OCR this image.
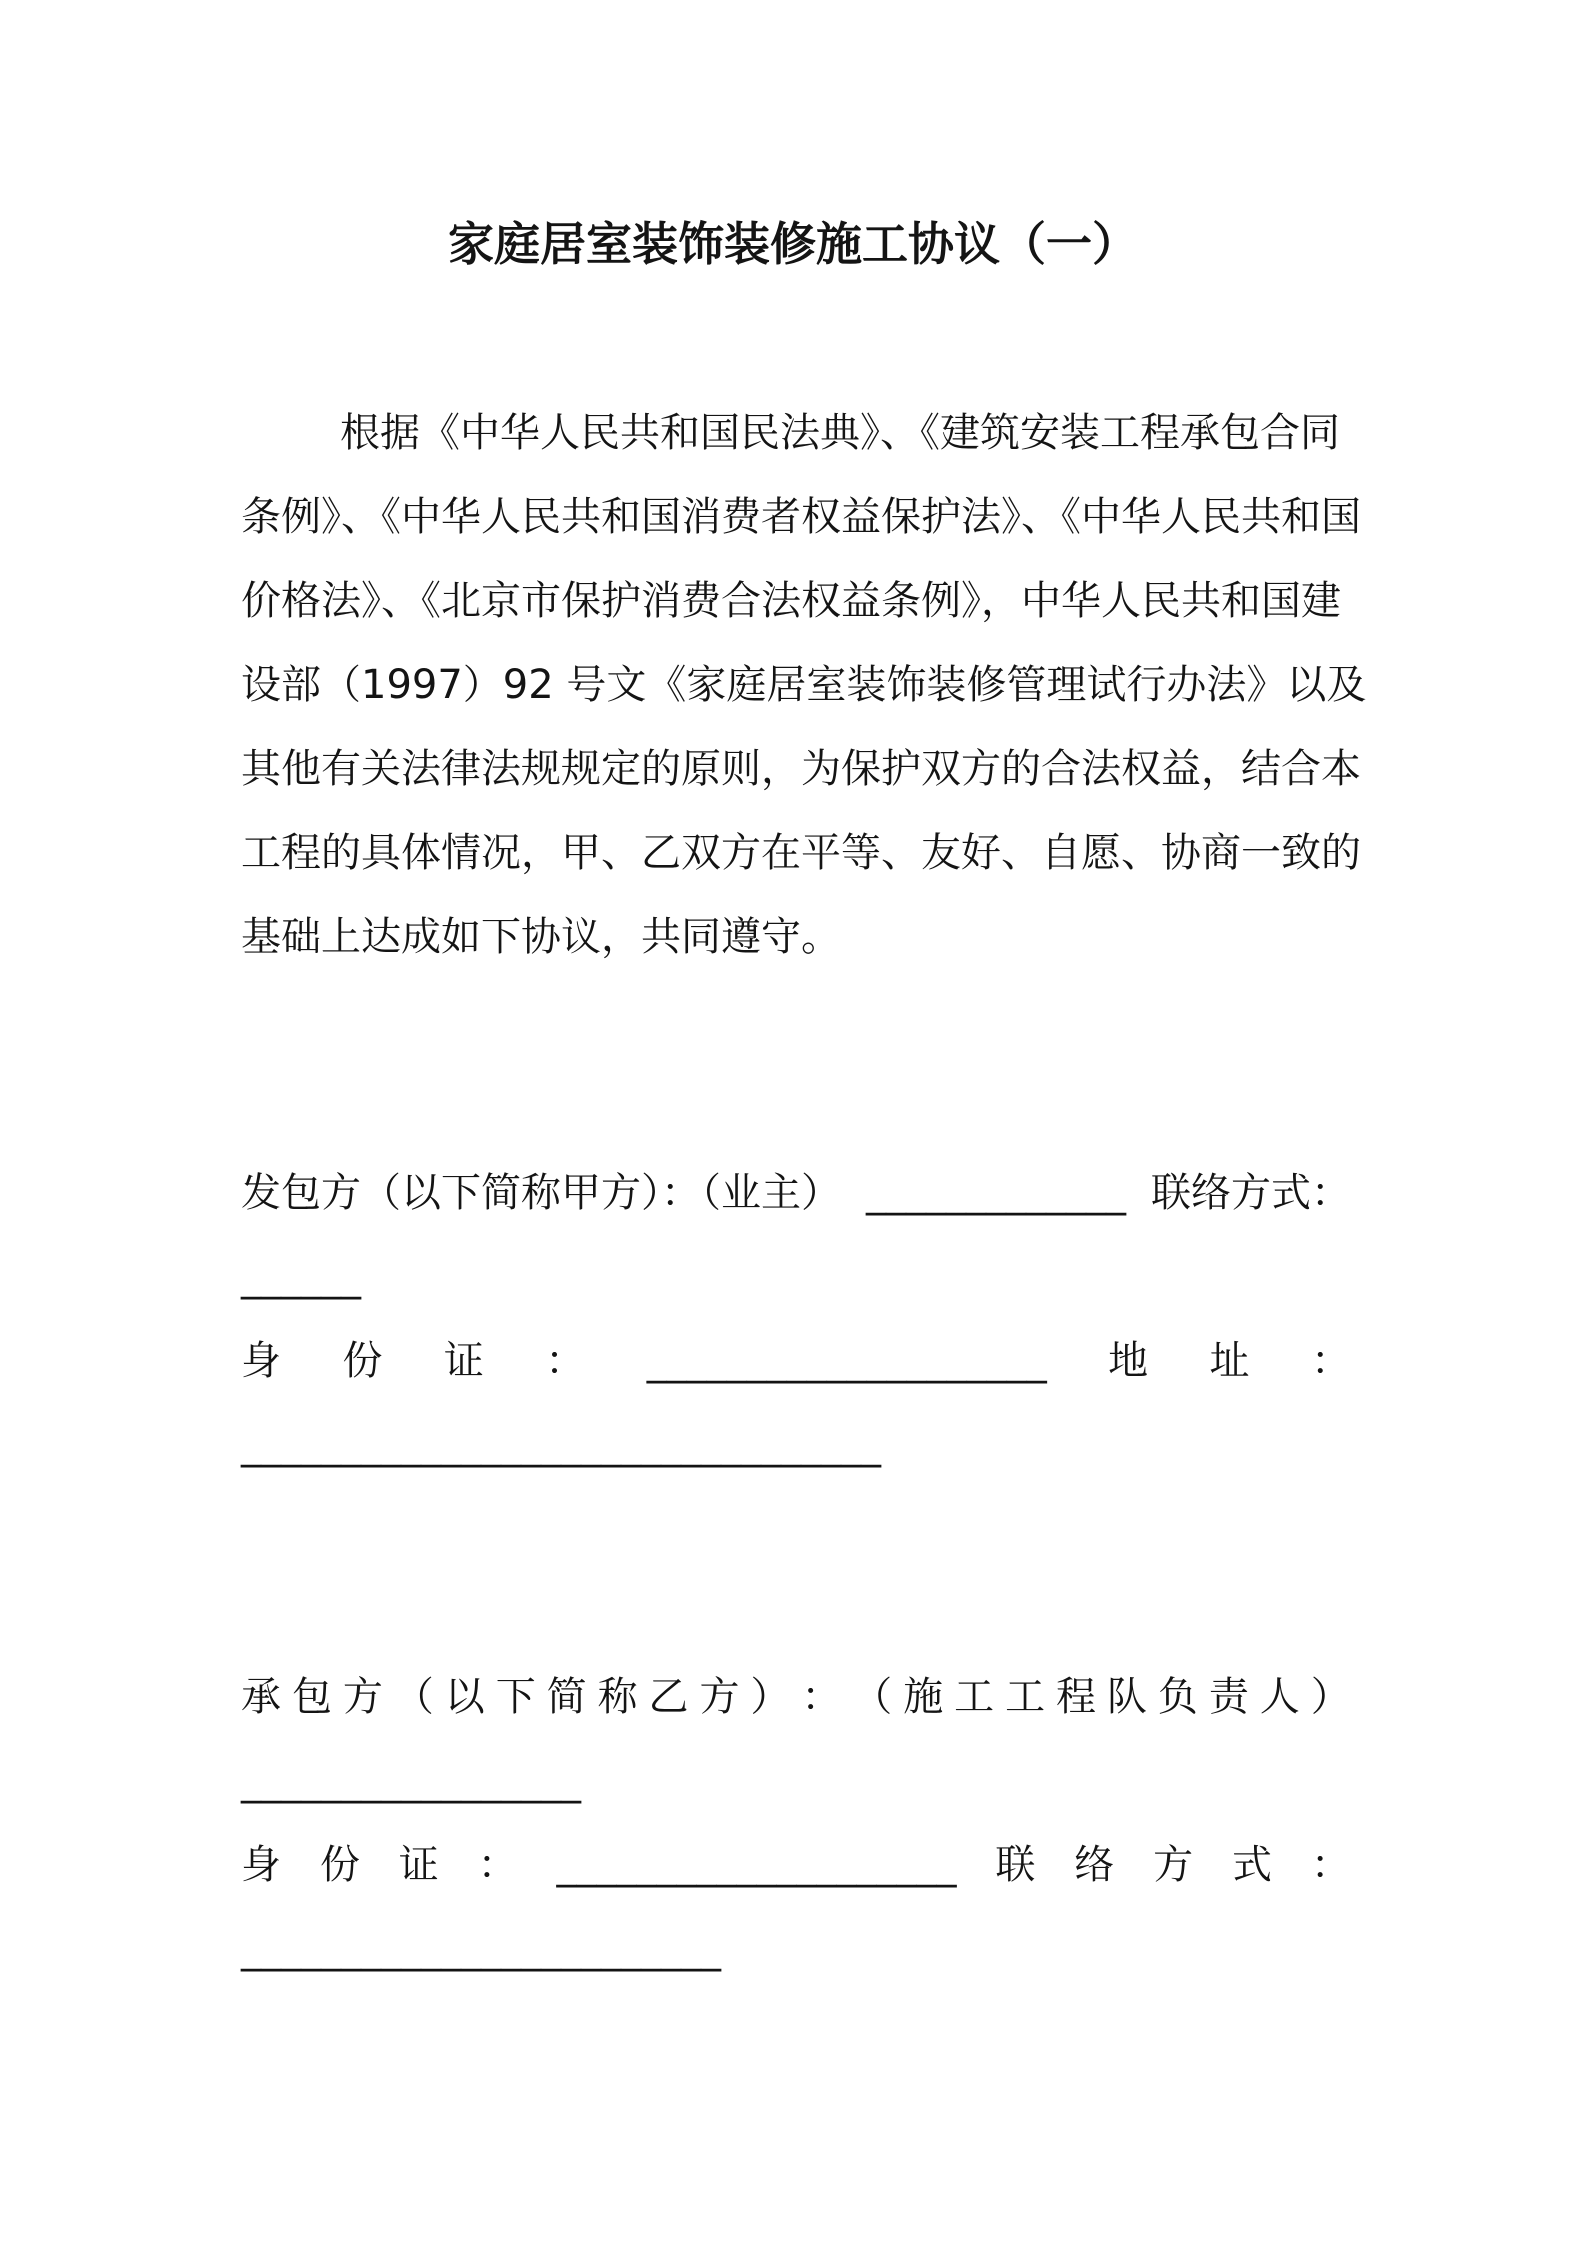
家庭居室装饰装修施工协议（一）
根据《中华人民共和国民法典》、《建筑安装工程承包合同
条例》、《中华人民共和国消费者权益保护法》、《中华人民共和国
价格法》、《北京市保护消费合法权益条例》，中华人民共和国建
设部（1997）92 号文《家庭居室装饰装修管理试行办法》以及
其他有关法律法规规定的原则，为保护双方的合法权益，结合本
工程的具体情况，甲、乙双方在平等、友好、自愿、协商一致的
基础上达成如下协议，共同遵守。
发包方（以下简称甲方）：（业主） _____________ 联络方式：
______
身 份 证 ： ____________________ 地 址 ：
________________________________
承 包 方 （ 以 下 简 称 乙 方 ） ： （ 施 工 工 程 队 负 责 人 ）
_________________
身 份 证 ： ____________________ 联 络 方 式 ：
________________________
